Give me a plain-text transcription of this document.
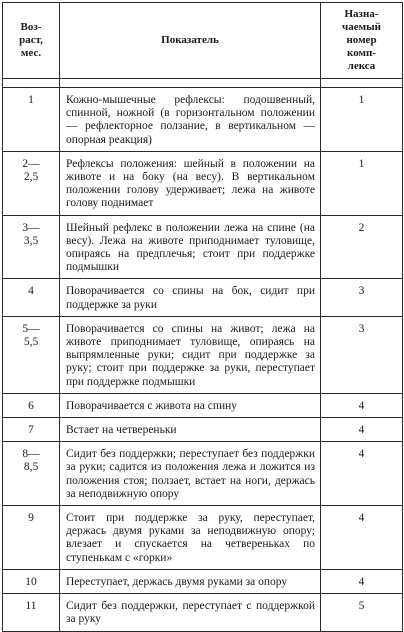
Воз-
раст,
мес.	Показатель	Назна-
чаемый
номер
комп-
лекса

1	Кожно-мышечные рефлексы: подошвенный, спинной, ножной (в горизонтальном положении — рефлекторное ползание, в вертикальном — опорная реакция)	1
2—
2,5	Рефлексы положения: шейный в положении на животе и на боку (на весу). В вертикальном положении голову удерживает; лежа на животе голову поднимает	1
3—
3,5	Шейный рефлекс в положении лежа на спине (на весу). Лежа на животе приподнимает туловище, опираясь на предплечья; стоит при поддержке подмышки	2
4	Поворачивается со спины на бок, сидит при поддержке за руки	3
5—
5,5	Поворачивается со спины на живот; лежа на животе приподнимает туловище, опираясь на выпрямленные руки; сидит при поддержке за руку; стоит при поддержке за руки, переступает при поддержке подмышки	3
6	Поворачивается с живота на спину	4
7	Встает на четвереньки	4
8—
8,5	Сидит без поддержки; переступает без поддержки за руки; садится из положения лежа и ложится из положения стоя; ползает, встает на ноги, держась за неподвижную опору	4
9	Стоит при поддержке за руку, переступает, держась двумя руками за неподвижную опору; влезает и спускается на четвереньках по ступенькам с «горки»	4
10	Переступает, держась двумя руками за опору	4
11	Сидит без поддержки, переступает с поддержкой за руку	5
